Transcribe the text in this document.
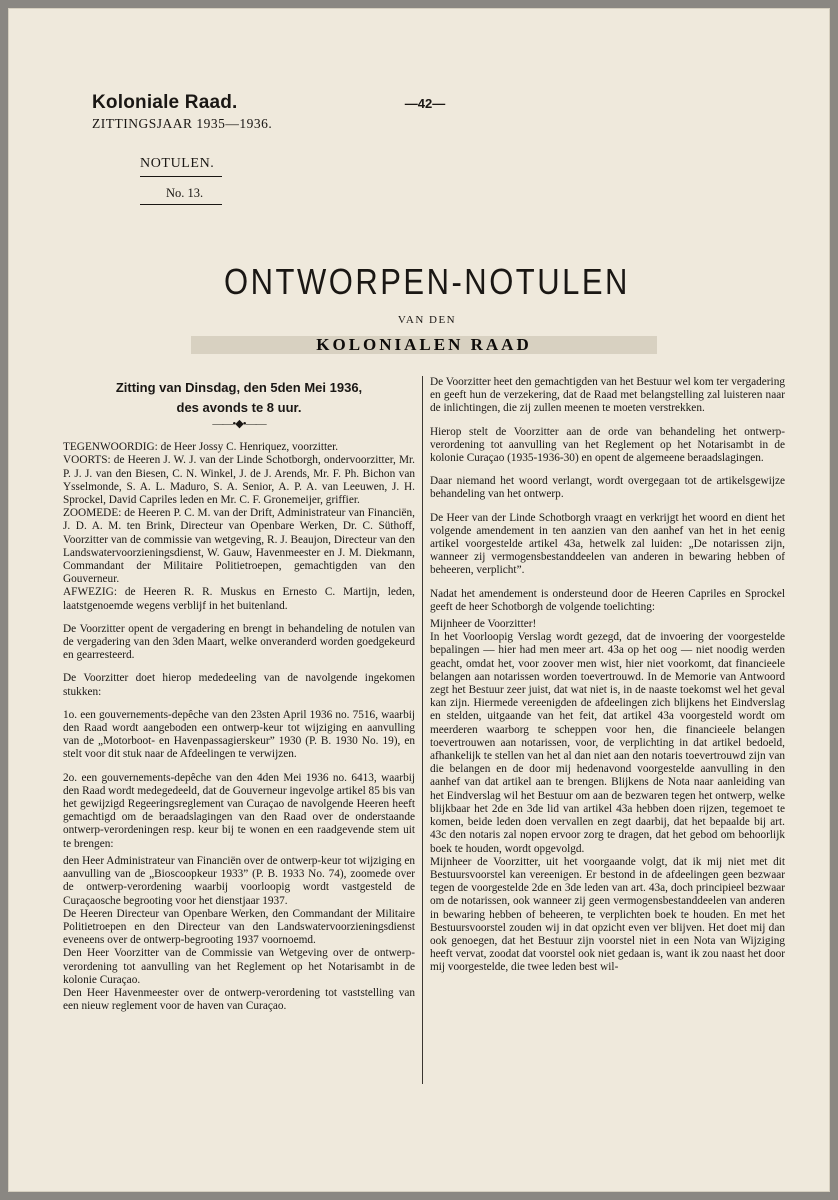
Koloniale Raad.
ZITTINGSJAAR 1935—1936.
NOTULEN.
No. 13.
—42—
ONTWORPEN-NOTULEN
VAN DEN
KOLONIALEN RAAD
Zitting van Dinsdag, den 5den Mei 1936,
des avonds te 8 uur.
——•◆•——

TEGENWOORDIG: de Heer Jossy C. Henriquez, voorzitter.

VOORTS: de Heeren J. W. J. van der Linde Schotborgh, ondervoorzitter, Mr. P. J. J. van den Biesen, C. N. Winkel, J. de J. Arends, Mr. F. Ph. Bichon van Ysselmonde, S. A. L. Maduro, S. A. Senior, A. P. A. van Leeuwen, J. H. Sprockel, David Capriles leden en Mr. C. F. Gronemeijer, griffier.

ZOOMEDE: de Heeren P. C. M. van der Drift, Administrateur van Financiën, J. D. A. M. ten Brink, Directeur van Openbare Werken, Dr. C. Süthoff, Voorzitter van de commissie van wetgeving, R. J. Beaujon, Directeur van den Landswatervoorzieningsdienst, W. Gauw, Havenmeester en J. M. Diekmann, Commandant der Militaire Politietroepen, gemachtigden van den Gouverneur.

AFWEZIG: de Heeren R. R. Muskus en Ernesto C. Martijn, leden, laatstgenoemde wegens verblijf in het buitenland.

De Voorzitter opent de vergadering en brengt in behandeling de notulen van de vergadering van den 3den Maart, welke onveranderd worden goedgekeurd en gearresteerd.

De Voorzitter doet hierop mededeeling van de navolgende ingekomen stukken:

1o. een gouvernements-depêche van den 23sten April 1936 no. 7516, waarbij den Raad wordt aangeboden een ontwerp-keur tot wijziging en aanvulling van de „Motorboot- en Havenpassagierskeur” 1930 (P. B. 1930 No. 19), en stelt voor dit stuk naar de Afdeelingen te verwijzen.

2o. een gouvernements-depêche van den 4den Mei 1936 no. 6413, waarbij den Raad wordt medegedeeld, dat de Gouverneur ingevolge artikel 85 bis van het gewijzigd Regeeringsreglement van Curaçao de navolgende Heeren heeft gemachtigd om de beraadslagingen van den Raad over de onderstaande ontwerp-verordeningen resp. keur bij te wonen en een raadgevende stem uit te brengen:

den Heer Administrateur van Financiën over de ontwerp-keur tot wijziging en aanvulling van de „Bioscoopkeur 1933” (P. B. 1933 No. 74), zoomede over de ontwerp-verordening waarbij voorloopig wordt vastgesteld de Curaçaosche begrooting voor het dienstjaar 1937.

De Heeren Directeur van Openbare Werken, den Commandant der Militaire Politietroepen en den Directeur van den Landswatervoorzieningsdienst eveneens over de ontwerp-begrooting 1937 voornoemd.

Den Heer Voorzitter van de Commissie van Wetgeving over de ontwerp-verordening tot aanvulling van het Reglement op het Notarisambt in de kolonie Curaçao.

Den Heer Havenmeester over de ontwerp-verordening tot vaststelling van een nieuw reglement voor de haven van Curaçao.

De Voorzitter heet den gemachtigden van het Bestuur wel kom ter vergadering en geeft hun de verzekering, dat de Raad met belangstelling zal luisteren naar de inlichtingen, die zij zullen meenen te moeten verstrekken.

Hierop stelt de Voorzitter aan de orde van behandeling het ontwerp-verordening tot aanvulling van het Reglement op het Notarisambt in de kolonie Curaçao (1935-1936-30) en opent de algemeene beraadslagingen.

Daar niemand het woord verlangt, wordt overgegaan tot de artikelsgewijze behandeling van het ontwerp.

De Heer van der Linde Schotborgh vraagt en verkrijgt het woord en dient het volgende amendement in ten aanzien van den aanhef van het in het eenig artikel voorgestelde artikel 43a, hetwelk zal luiden: „De notarissen zijn, wanneer zij vermogensbestanddeelen van anderen in bewaring hebben of beheeren, verplicht”.

Nadat het amendement is ondersteund door de Heeren Capriles en Sprockel geeft de heer Schotborgh de volgende toelichting:

Mijnheer de Voorzitter!

In het Voorloopig Verslag wordt gezegd, dat de invoering der voorgestelde bepalingen — hier had men meer art. 43a op het oog — niet noodig werden geacht, omdat het, voor zoover men wist, hier niet voorkomt, dat financieele belangen aan notarissen worden toevertrouwd. In de Memorie van Antwoord zegt het Bestuur zeer juist, dat wat niet is, in de naaste toekomst wel het geval kan zijn. Hiermede vereenigden de afdeelingen zich blijkens het Eindverslag en stelden, uitgaande van het feit, dat artikel 43a voorgesteld wordt om meerderen waarborg te scheppen voor hen, die financieele belangen toevertrouwen aan notarissen, voor, de verplichting in dat artikel bedoeld, afhankelijk te stellen van het al dan niet aan den notaris toevertrouwd zijn van die belangen en de door mij hedenavond voorgestelde aanvulling in den aanhef van dat artikel aan te brengen. Blijkens de Nota naar aanleiding van het Eindverslag wil het Bestuur om aan de bezwaren tegen het ontwerp, welke blijkbaar het 2de en 3de lid van artikel 43a hebben doen rijzen, tegemoet te komen, beide leden doen vervallen en zegt daarbij, dat het bepaalde bij art. 43c den notaris zal nopen ervoor zorg te dragen, dat het gebod om behoorlijk boek te houden, wordt opgevolgd.

Mijnheer de Voorzitter, uit het voorgaande volgt, dat ik mij niet met dit Bestuursvoorstel kan vereenigen. Er bestond in de afdeelingen geen bezwaar tegen de voorgestelde 2de en 3de leden van art. 43a, doch principieel bezwaar om de notarissen, ook wanneer zij geen vermogensbestanddeelen van anderen in bewaring hebben of beheeren, te verplichten boek te houden. En met het Bestuursvoorstel zouden wij in dat opzicht even ver blijven. Het doet mij dan ook genoegen, dat het Bestuur zijn voorstel niet in een Nota van Wijziging heeft vervat, zoodat dat voorstel ook niet gedaan is, want ik zou naast het door mij voorgestelde, die twee leden best wil-
